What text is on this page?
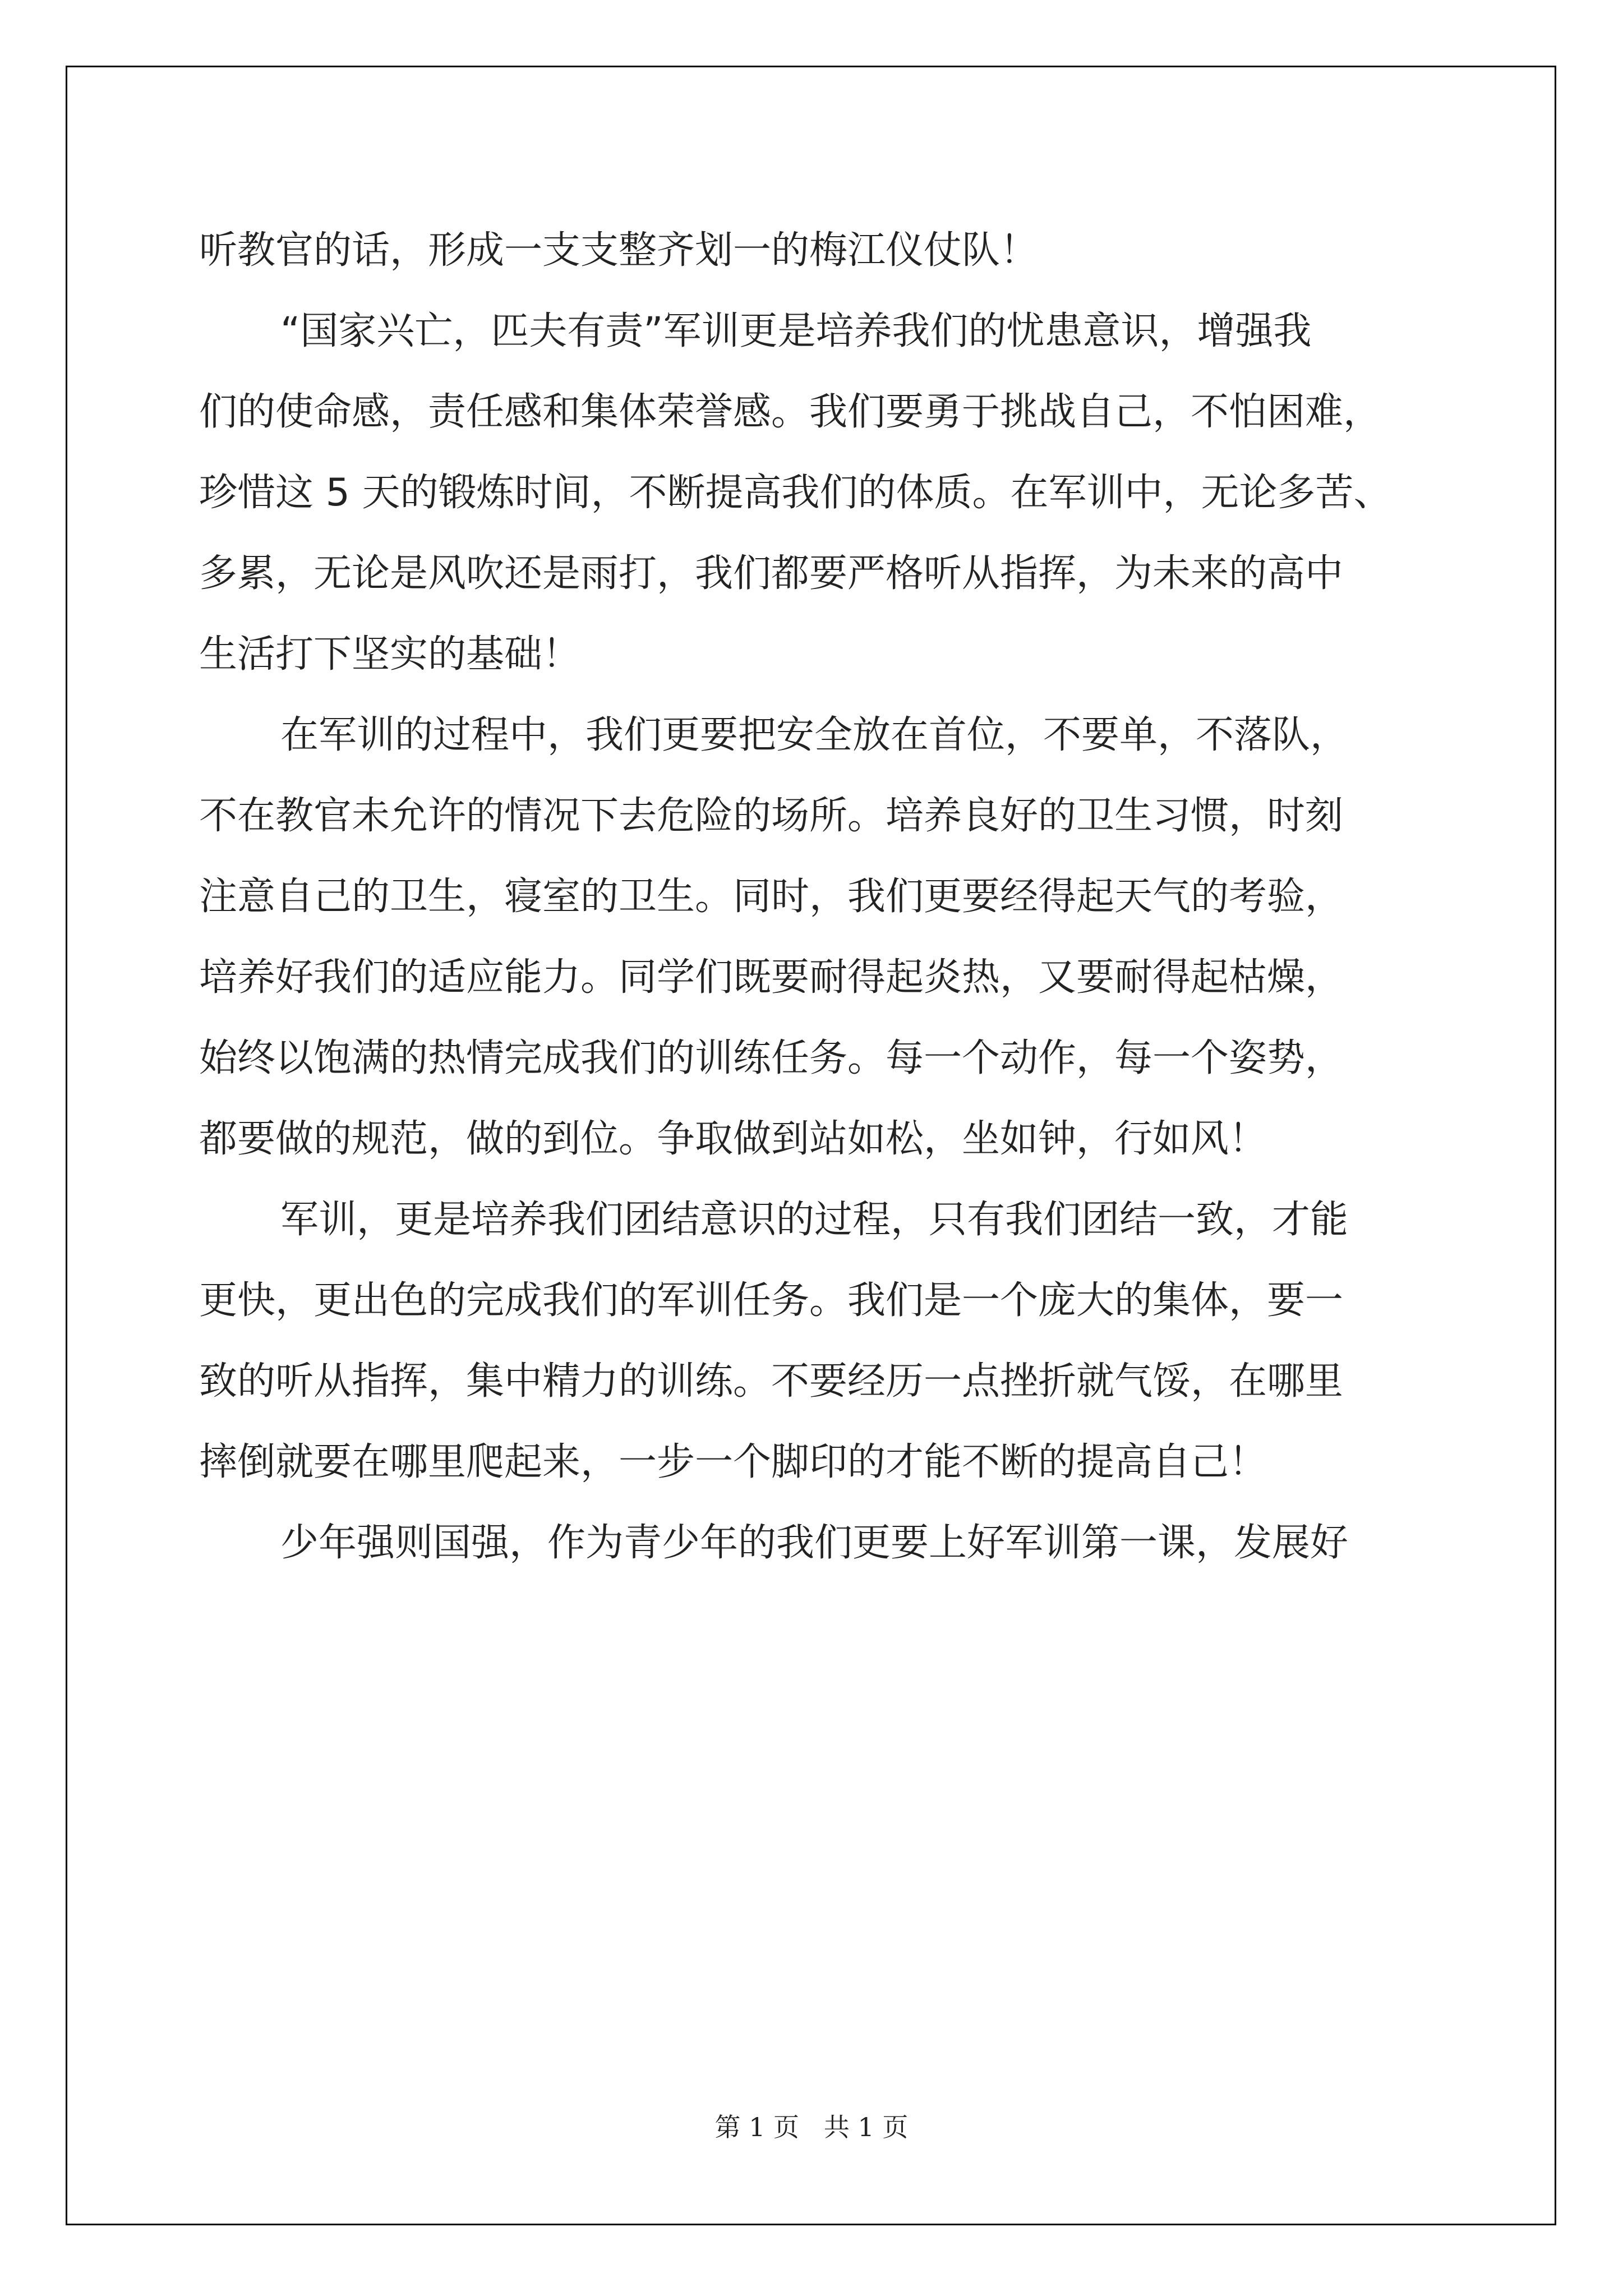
听教官的话，形成一支支整齐划一的梅江仪仗队！
“国家兴亡，匹夫有责”军训更是培养我们的忧患意识，增强我
们的使命感，责任感和集体荣誉感。我们要勇于挑战自己，不怕困难，
珍惜这 5 天的锻炼时间，不断提高我们的体质。在军训中，无论多苦、
多累，无论是风吹还是雨打，我们都要严格听从指挥，为未来的高中
生活打下坚实的基础！
在军训的过程中，我们更要把安全放在首位，不要单，不落队，
不在教官未允许的情况下去危险的场所。培养良好的卫生习惯，时刻
注意自己的卫生，寝室的卫生。同时，我们更要经得起天气的考验，
培养好我们的适应能力。同学们既要耐得起炎热，又要耐得起枯燥，
始终以饱满的热情完成我们的训练任务。每一个动作，每一个姿势，
都要做的规范，做的到位。争取做到站如松，坐如钟，行如风！
军训，更是培养我们团结意识的过程，只有我们团结一致，才能
更快，更出色的完成我们的军训任务。我们是一个庞大的集体，要一
致的听从指挥，集中精力的训练。不要经历一点挫折就气馁，在哪里
摔倒就要在哪里爬起来，一步一个脚印的才能不断的提高自己！
少年强则国强，作为青少年的我们更要上好军训第一课，发展好
第 1 页   共 1 页
